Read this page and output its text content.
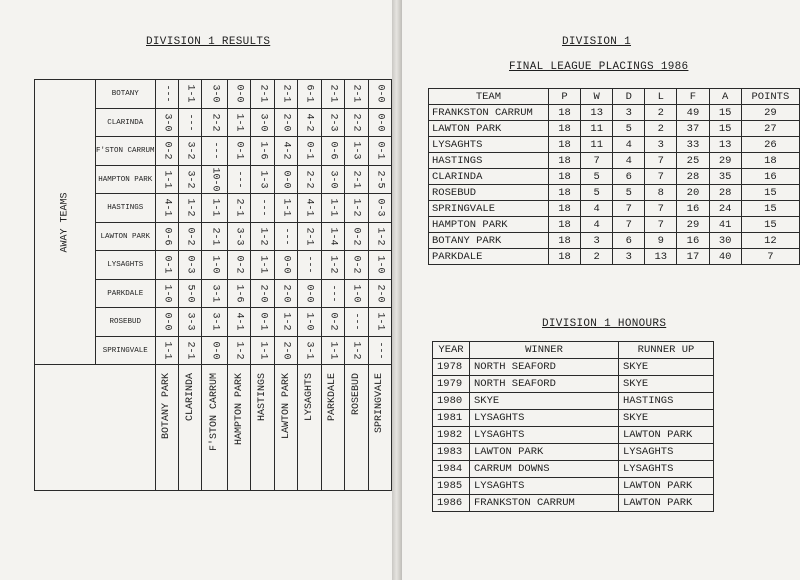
DIVISION 1 RESULTS
AWAY TEAMS	BOTANY	---	1-1	3-0	0-0	2-1	2-1	6-1	2-1	2-1	0-0
	CLARINDA	3-0	---	2-2	1-1	3-0	2-0	4-2	2-3	2-2	0-0
	F'STON CARRUM	0-2	3-2	---	0-1	1-6	4-2	0-1	0-6	1-3	0-1
	HAMPTON PARK	1-1	3-2	10-0	---	1-3	0-0	2-2	3-0	2-1	2-5
	HASTINGS	4-1	1-2	1-1	2-1	---	1-1	4-1	1-1	1-2	0-3
	LAWTON PARK	0-6	0-2	2-1	3-3	1-2	---	2-1	1-4	0-2	1-2
	LYSAGHTS	0-1	0-3	1-0	0-2	1-1	0-0	---	1-2	0-2	1-0
	PARKDALE	1-0	5-0	3-1	1-6	2-0	2-0	0-0	---	1-0	2-0
	ROSEBUD	0-0	3-3	3-1	4-1	0-1	1-2	1-0	0-2	---	1-1
	SPRINGVALE	1-1	2-1	0-0	1-2	1-1	2-0	3-1	1-1	1-2	---
		BOTANY PARK	CLARINDA	F'STON CARRUM	HAMPTON PARK	HASTINGS	LAWTON PARK	LYSAGHTS	PARKDALE	ROSEBUD	SPRINGVALE
DIVISION 1
FINAL LEAGUE PLACINGS 1986
DIVISION 1 HONOURS
TEAM	P	W	D	L	F	A	POINTS
FRANKSTON CARRUM	18	13	3	2	49	15	29
LAWTON PARK	18	11	5	2	37	15	27
LYSAGHTS	18	11	4	3	33	13	26
HASTINGS	18	7	4	7	25	29	18
CLARINDA	18	5	6	7	28	35	16
ROSEBUD	18	5	5	8	20	28	15
SPRINGVALE	18	4	7	7	16	24	15
HAMPTON PARK	18	4	7	7	29	41	15
BOTANY PARK	18	3	6	9	16	30	12
PARKDALE	18	2	3	13	17	40	7
YEAR	WINNER	RUNNER UP
1978	NORTH SEAFORD	SKYE
1979	NORTH SEAFORD	SKYE
1980	SKYE	HASTINGS
1981	LYSAGHTS	SKYE
1982	LYSAGHTS	LAWTON PARK
1983	LAWTON PARK	LYSAGHTS
1984	CARRUM DOWNS	LYSAGHTS
1985	LYSAGHTS	LAWTON PARK
1986	FRANKSTON CARRUM	LAWTON PARK
